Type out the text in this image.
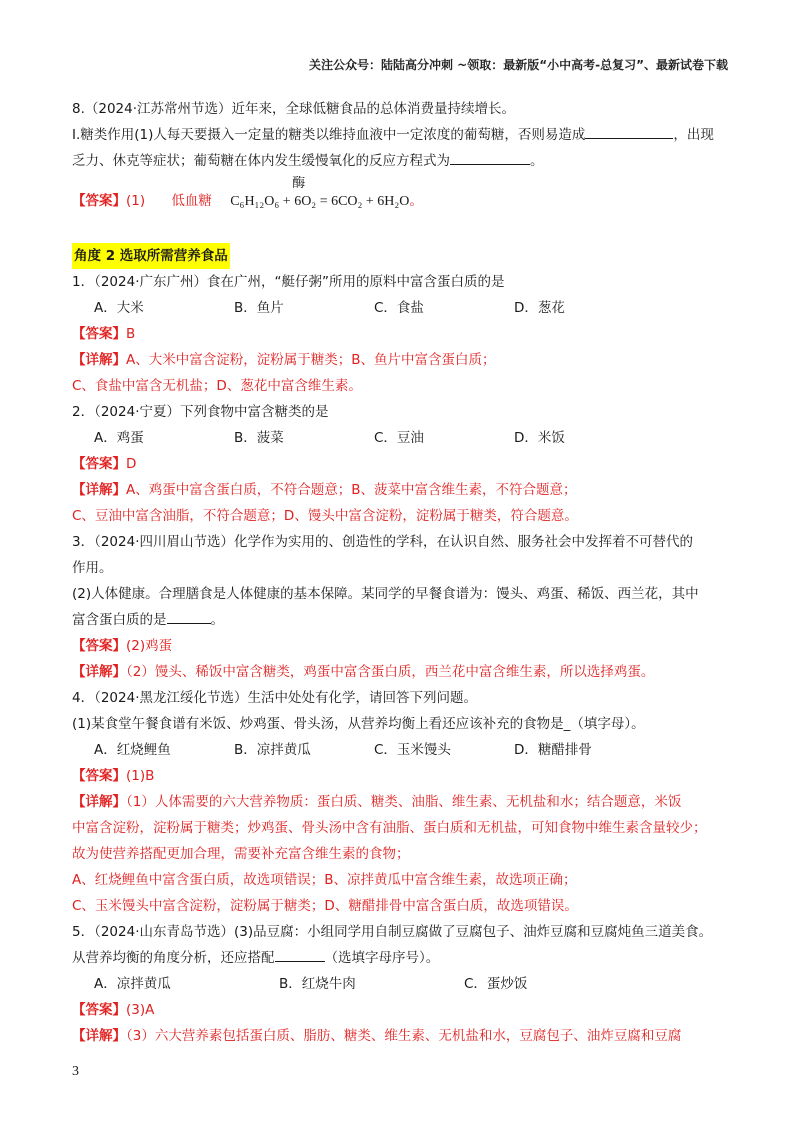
关注公众号：陆陆高分冲刺 ~领取：最新版“小中高考-总复习”、最新试卷下载

8.（2024·江苏常州节选）近年来，全球低糖食品的总体消费量持续增长。

I.糖类作用(1)人每天要摄入一定量的糖类以维持血液中一定浓度的葡萄糖，否则易造成	，出现

乏力、休克等症状；葡萄糖在体内发生缓慢氧化的反应方程式为	。

【答案】(1) 低血糖
酶
C₆H₁₂O₆ + 6O₂ = 6CO₂ + 6H₂O。

角度 2 选取所需营养食品

1．（2024·广东广州）食在广州，“艇仔粥”所用的原料中富含蛋白质的是

A．大米	B．鱼片	C．食盐	D．葱花

【答案】B

【详解】A、大米中富含淀粉，淀粉属于糖类；B、鱼片中富含蛋白质；

C、食盐中富含无机盐；D、葱花中富含维生素。

2．（2024·宁夏）下列食物中富含糖类的是

A．鸡蛋	B．菠菜	C．豆油	D．米饭

【答案】D

【详解】A、鸡蛋中富含蛋白质，不符合题意；B、菠菜中富含维生素，不符合题意；

C、豆油中富含油脂，不符合题意；D、馒头中富含淀粉，淀粉属于糖类，符合题意。

3．（2024·四川眉山节选）化学作为实用的、创造性的学科，在认识自然、服务社会中发挥着不可替代的

作用。

(2)人体健康。合理膳食是人体健康的基本保障。某同学的早餐食谱为：馒头、鸡蛋、稀饭、西兰花，其中

富含蛋白质的是	。

【答案】(2)鸡蛋

【详解】（2）馒头、稀饭中富含糖类，鸡蛋中富含蛋白质，西兰花中富含维生素，所以选择鸡蛋。

4．（2024·黑龙江绥化节选）生活中处处有化学，请回答下列问题。

(1)某食堂午餐食谱有米饭、炒鸡蛋、骨头汤，从营养均衡上看还应该补充的食物是_（填字母）。

A．红烧鲤鱼	B．凉拌黄瓜	C．玉米馒头	D．糖醋排骨

【答案】(1)B

【详解】（1）人体需要的六大营养物质：蛋白质、糖类、油脂、维生素、无机盐和水；结合题意，米饭

中富含淀粉，淀粉属于糖类；炒鸡蛋、骨头汤中含有油脂、蛋白质和无机盐，可知食物中维生素含量较少；

故为使营养搭配更加合理，需要补充富含维生素的食物；

A、红烧鲤鱼中富含蛋白质，故选项错误；B、凉拌黄瓜中富含维生素，故选项正确；

C、玉米馒头中富含淀粉，淀粉属于糖类；D、糖醋排骨中富含蛋白质，故选项错误。

5．（2024·山东青岛节选）(3)品豆腐：小组同学用自制豆腐做了豆腐包子、油炸豆腐和豆腐炖鱼三道美食。

从营养均衡的角度分析，还应搭配	（选填字母序号）。

A．凉拌黄瓜	B．红烧牛肉	C．蛋炒饭

【答案】(3)A

【详解】（3）六大营养素包括蛋白质、脂肪、糖类、维生素、无机盐和水，豆腐包子、油炸豆腐和豆腐

3
